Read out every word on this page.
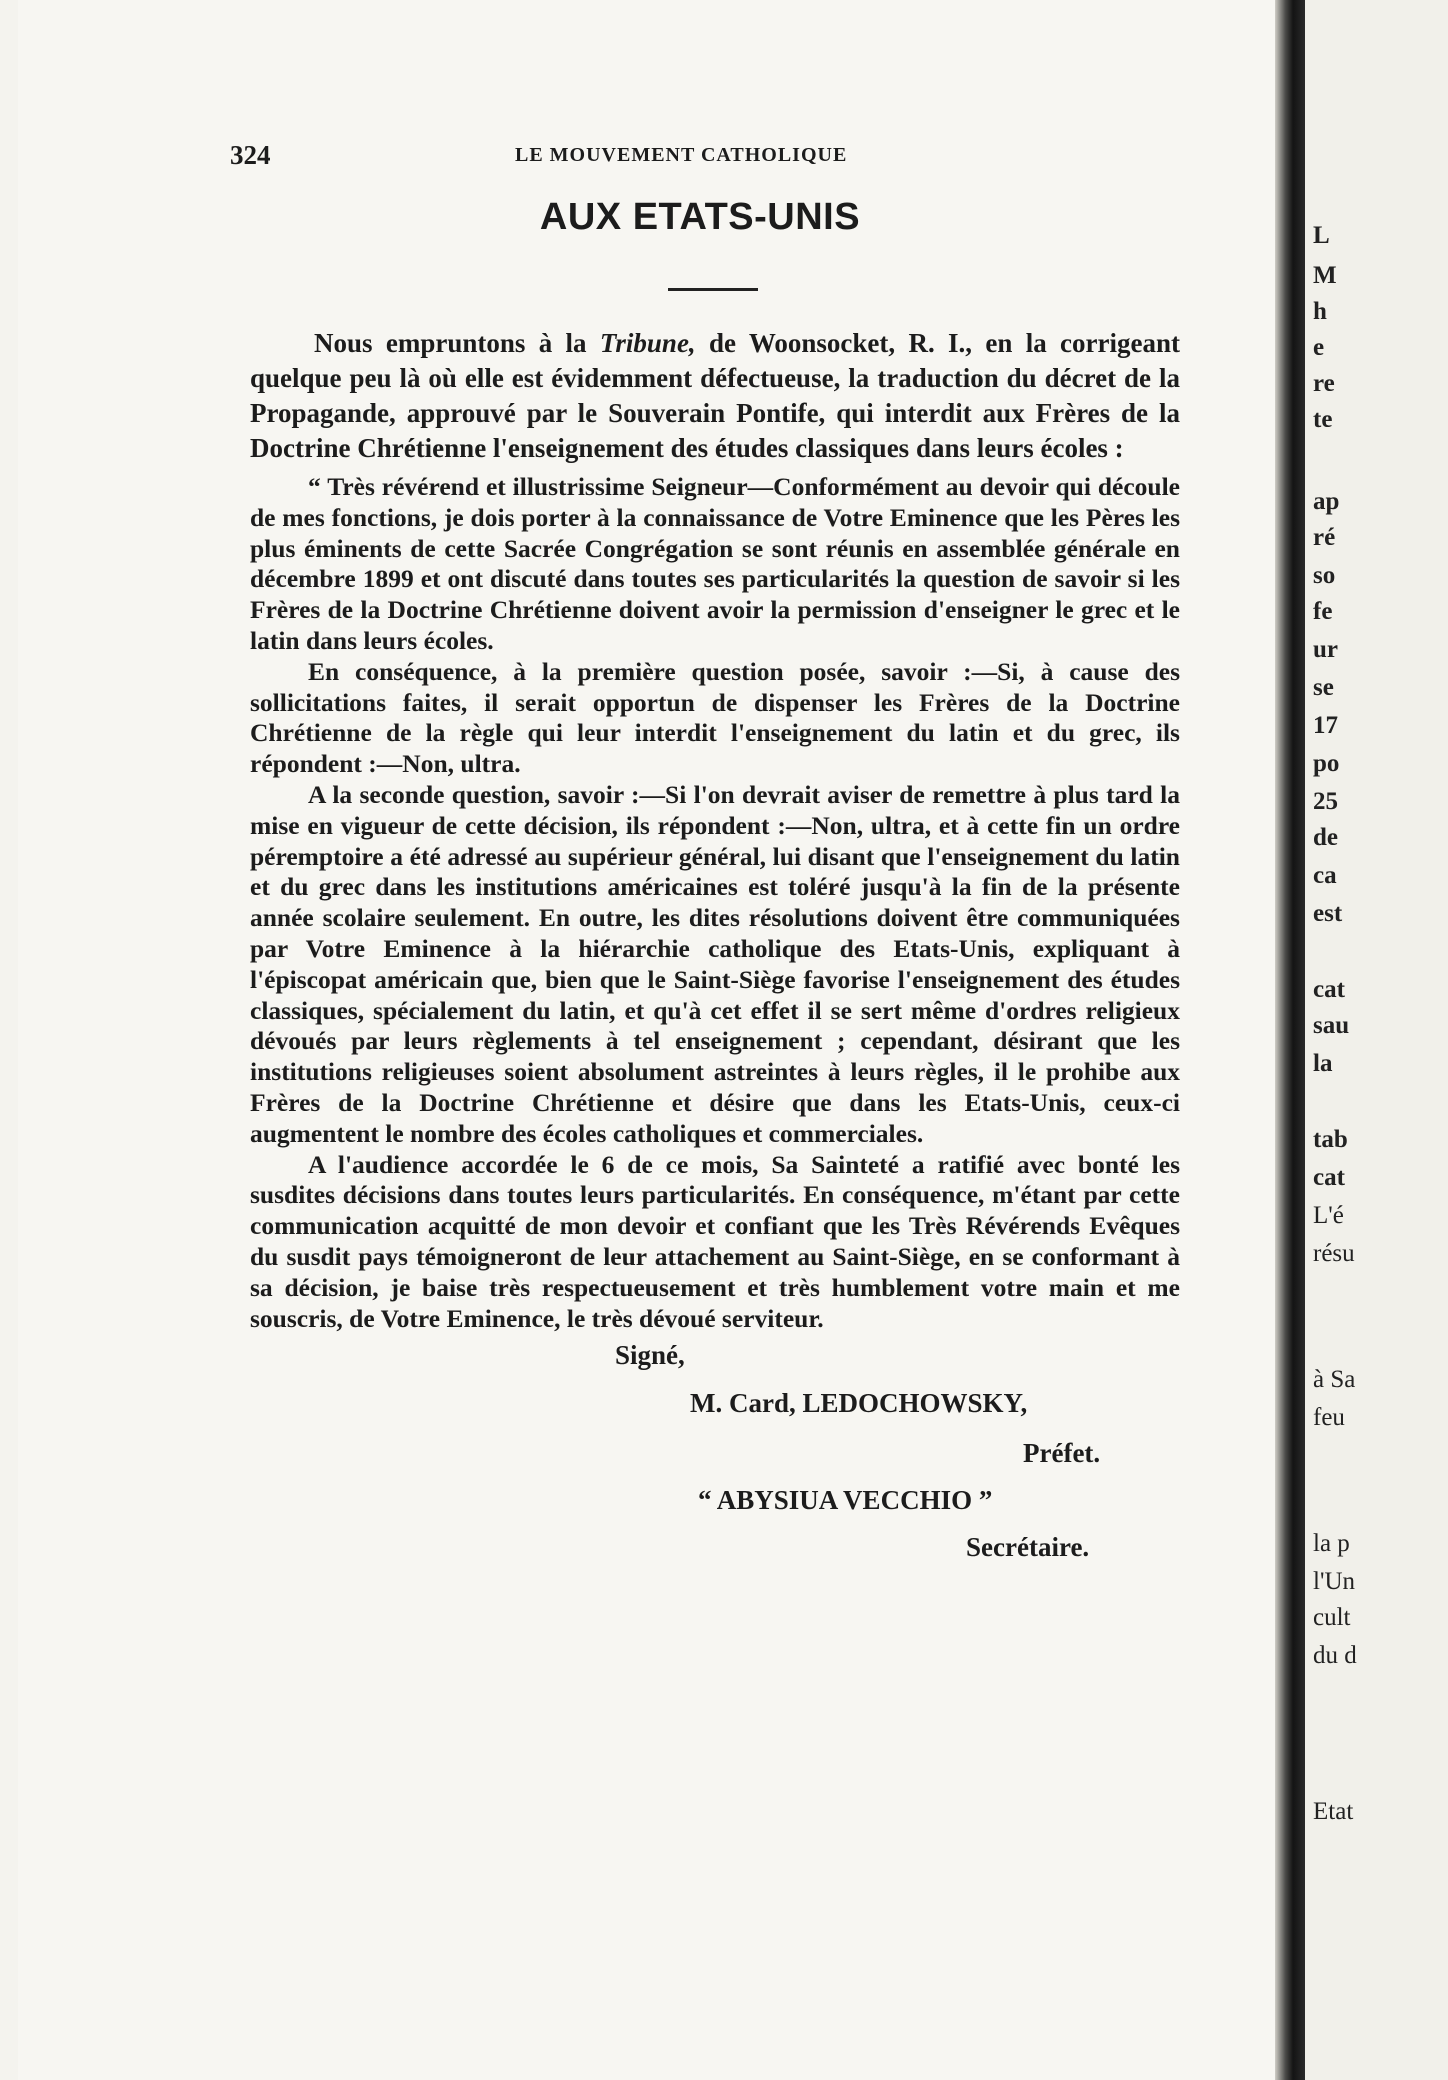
L
M
h
e
re
te
ap
ré
so
fe
ur
se
17
po
25
de
ca
est
cat
sau
la
tab
cat
L'é
résu
à Sa
feu
la p
l'Un
cult
du d
Etat
324	LE MOUVEMENT CATHOLIQUE
AUX ETATS-UNIS

Nous empruntons à la Tribune, de Woonsocket, R. I., en la corrigeant quelque peu là où elle est évidemment défectueuse, la traduction du décret de la Propagande, approuvé par le Souverain Pontife, qui interdit aux Frères de la Doctrine Chrétienne l'enseignement des études classiques dans leurs écoles :

“ Très révérend et illustrissime Seigneur—Conformément au devoir qui découle de mes fonctions, je dois porter à la connaissance de Votre Eminence que les Pères les plus éminents de cette Sacrée Congrégation se sont réunis en assemblée générale en décembre 1899 et ont discuté dans toutes ses particularités la question de savoir si les Frères de la Doctrine Chrétienne doivent avoir la permission d'enseigner le grec et le latin dans leurs écoles.

En conséquence, à la première question posée, savoir :—Si, à cause des sollicitations faites, il serait opportun de dispenser les Frères de la Doctrine Chrétienne de la règle qui leur interdit l'enseignement du latin et du grec, ils répondent :—Non, ultra.

A la seconde question, savoir :—Si l'on devrait aviser de remettre à plus tard la mise en vigueur de cette décision, ils répondent :—Non, ultra, et à cette fin un ordre péremptoire a été adressé au supérieur général, lui disant que l'enseignement du latin et du grec dans les institutions américaines est toléré jusqu'à la fin de la présente année scolaire seulement. En outre, les dites résolutions doivent être communiquées par Votre Eminence à la hiérarchie catholique des Etats-Unis, expliquant à l'épiscopat américain que, bien que le Saint-Siège favorise l'enseignement des études classiques, spécialement du latin, et qu'à cet effet il se sert même d'ordres religieux dévoués par leurs règlements à tel enseignement ; cependant, désirant que les institutions religieuses soient absolument astreintes à leurs règles, il le prohibe aux Frères de la Doctrine Chrétienne et désire que dans les Etats-Unis, ceux-ci augmentent le nombre des écoles catholiques et commerciales.

A l'audience accordée le 6 de ce mois, Sa Sainteté a ratifié avec bonté les susdites décisions dans toutes leurs particularités. En conséquence, m'étant par cette communication acquitté de mon devoir et confiant que les Très Révérends Evêques du susdit pays témoigneront de leur attachement au Saint-Siège, en se conformant à sa décision, je baise très respectueusement et très humblement votre main et me souscris, de Votre Eminence, le très dévoué serviteur.

Signé,
M. Card, LEDOCHOWSKY,
Préfet.
“ ABYSIUA VECCHIO ”
Secrétaire.
